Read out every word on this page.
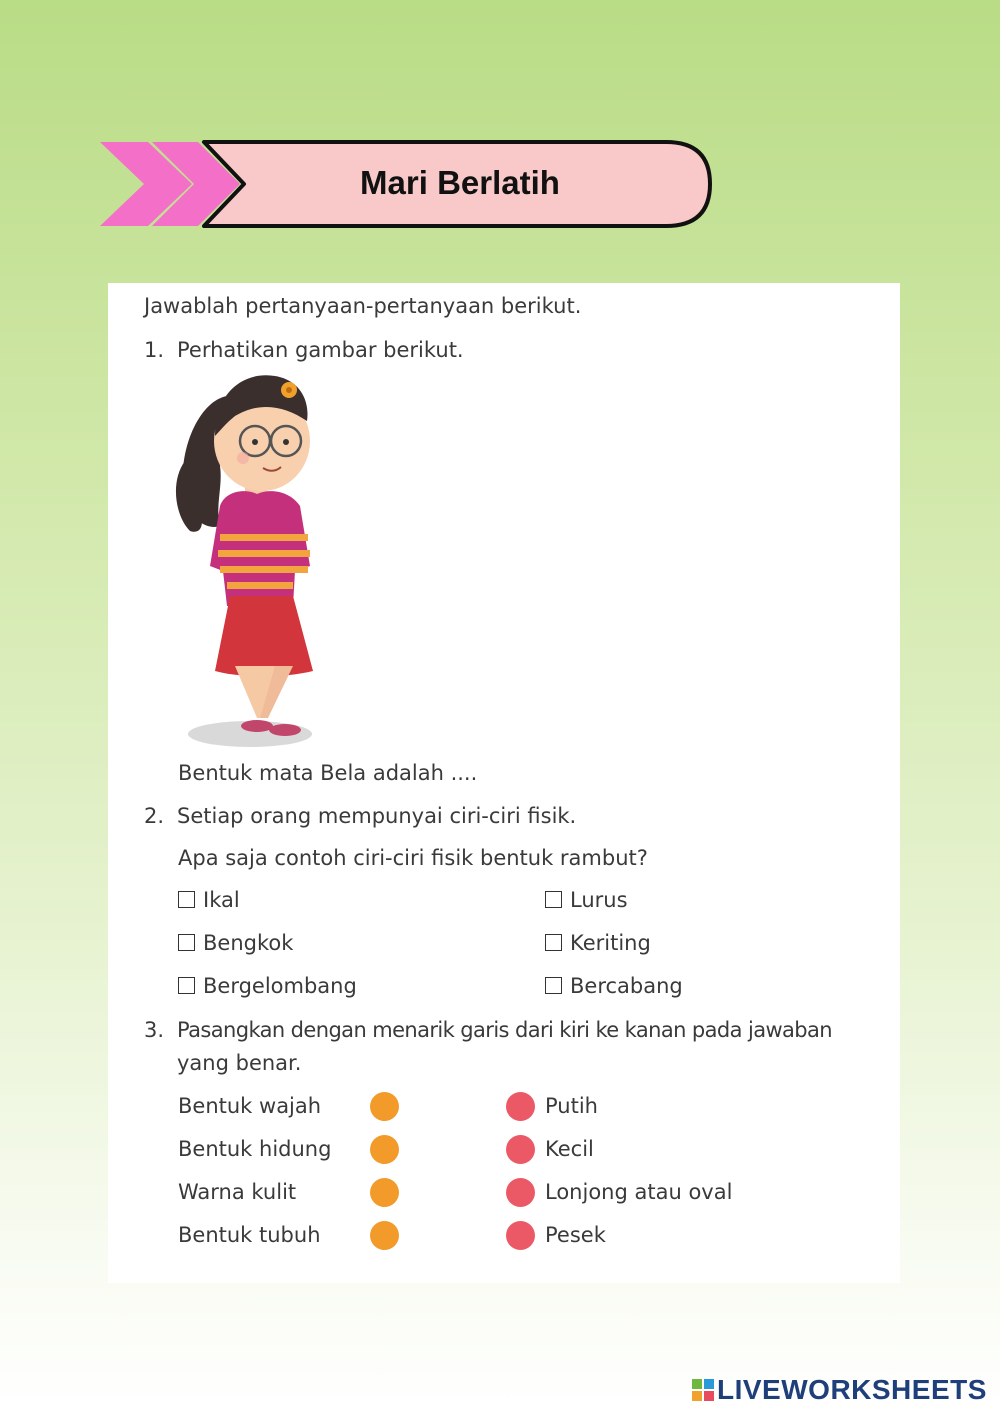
Mari Berlatih
Jawablah pertanyaan-pertanyaan berikut.
1. Perhatikan gambar berikut.
Bentuk mata Bela adalah ....
2. Setiap orang mempunyai ciri-ciri fisik.
Apa saja contoh ciri-ciri fisik bentuk rambut?
Ikal	Lurus
Bengkok	Keriting
Bergelombang	Bercabang
3. Pasangkan dengan menarik garis dari kiri ke kanan pada jawaban
yang benar.
Bentuk wajah	Putih
Bentuk hidung	Kecil
Warna kulit	Lonjong atau oval
Bentuk tubuh	Pesek
LIVEWORKSHEETS
